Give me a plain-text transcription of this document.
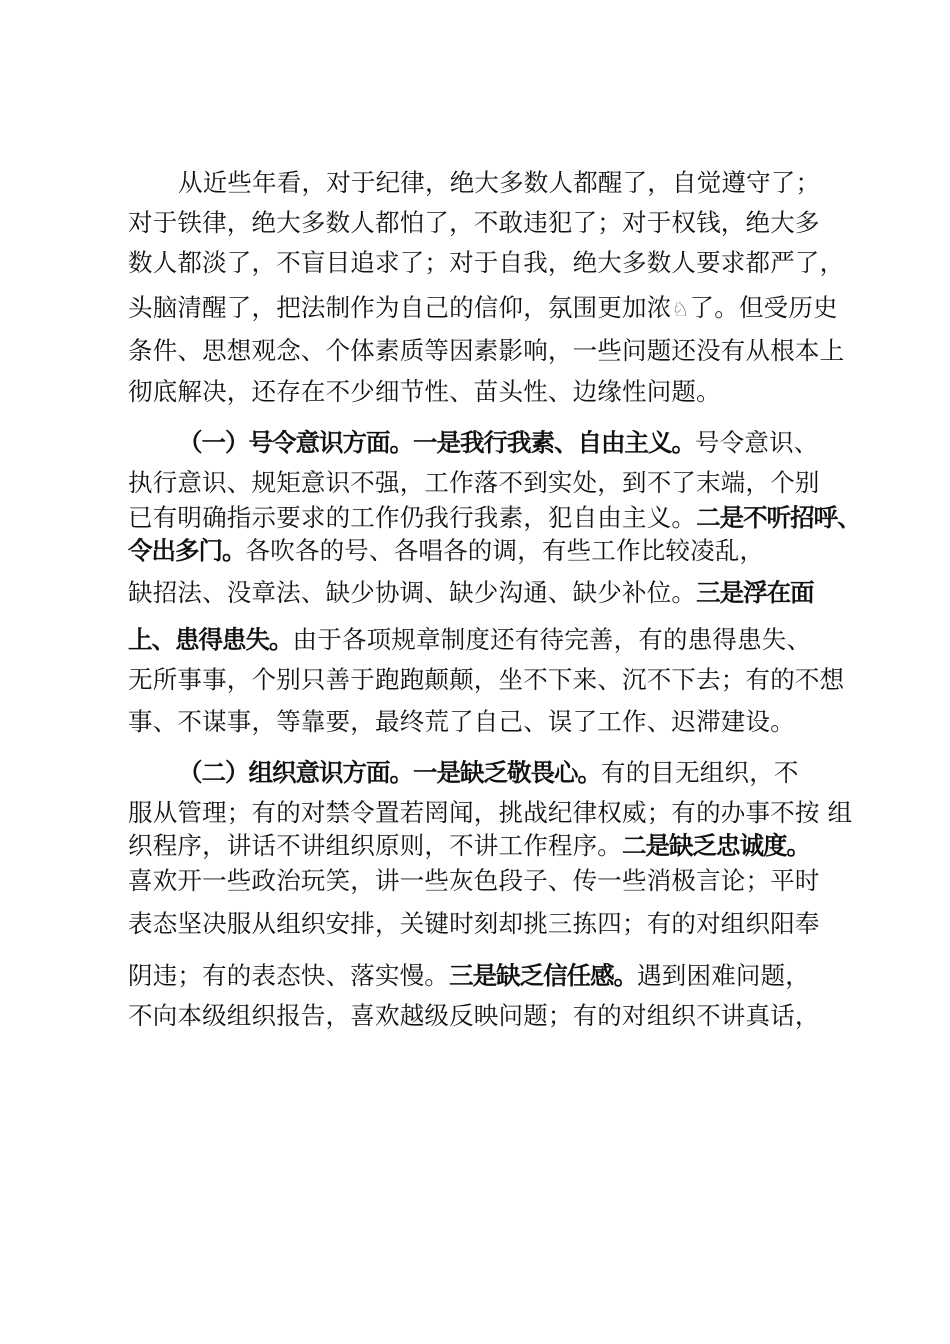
从近些年看，对于纪律，绝大多数人都醒了，自觉遵守了；
对于铁律，绝大多数人都怕了，不敢违犯了；对于权钱，绝大多
数人都淡了，不盲目追求了；对于自我，绝大多数人要求都严了，
头脑清醒了，把法制作为自己的信仰，氛围更加浓♘了。但受历史
条件、思想观念、个体素质等因素影响，一些问题还没有从根本上
彻底解决，还存在不少细节性、苗头性、边缘性问题。
（一）号令意识方面。一是我行我素、自由主义。号令意识、
执行意识、规矩意识不强，工作落不到实处，到不了末端，个别
已有明确指示要求的工作仍我行我素，犯自由主义。二是不听招呼、
令出多门。各吹各的号、各唱各的调，有些工作比较凌乱，
缺招法、没章法、缺少协调、缺少沟通、缺少补位。三是浮在面
上、患得患失。由于各项规章制度还有待完善，有的患得患失、
无所事事，个别只善于跑跑颠颠，坐不下来、沉不下去；有的不想
事、不谋事，等靠要，最终荒了自己、误了工作、迟滞建设。
（二）组织意识方面。一是缺乏敬畏心。有的目无组织，不
服从管理；有的对禁令置若罔闻，挑战纪律权威；有的办事不按 组
织程序，讲话不讲组织原则，不讲工作程序。二是缺乏忠诚度。
喜欢开一些政治玩笑，讲一些灰色段子、传一些消极言论；平时
表态坚决服从组织安排，关键时刻却挑三拣四；有的对组织阳奉
阴违；有的表态快、落实慢。三是缺乏信任感。遇到困难问题，
不向本级组织报告，喜欢越级反映问题；有的对组织不讲真话，
